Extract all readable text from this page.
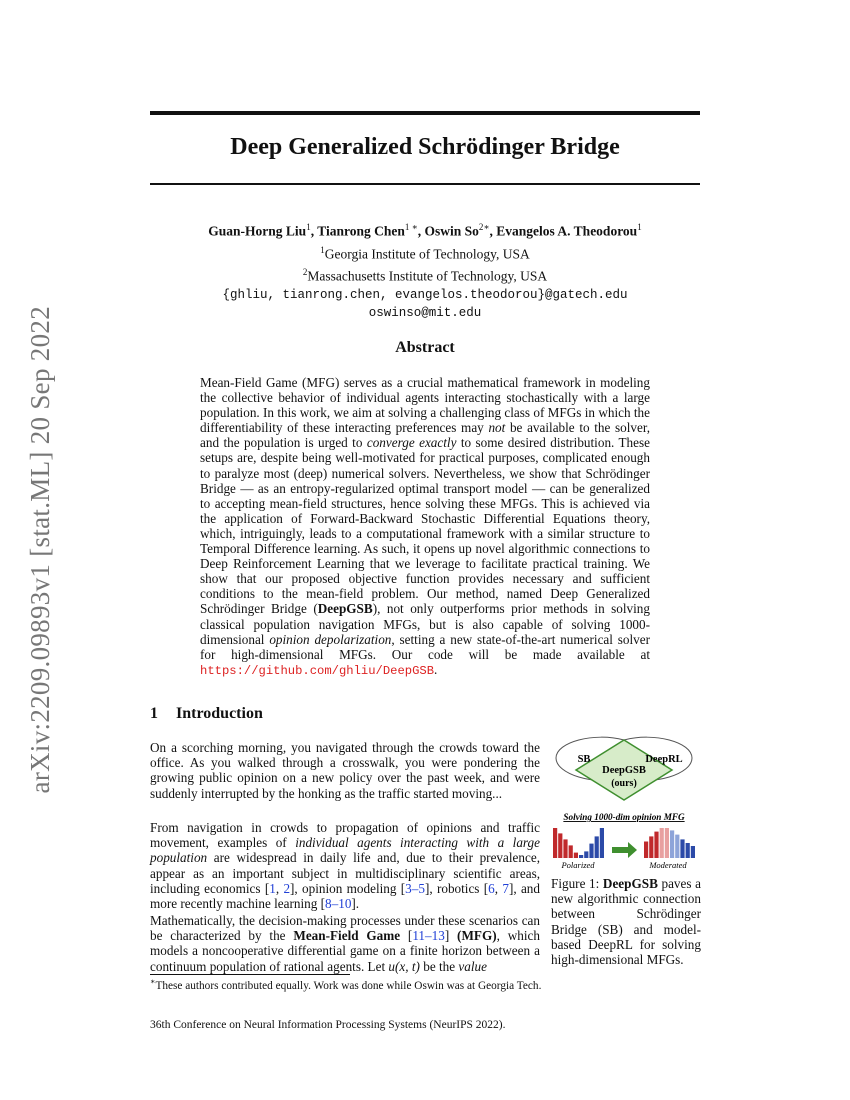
arXiv:2209.09893v1 [stat.ML] 20 Sep 2022
Deep Generalized Schrödinger Bridge
Guan-Horng Liu$^1$, Tianrong Chen$^{1 ∗}$, Oswin $So^{2∗}$, Evangelos A. Theodorou$^1$
$^1$Georgia Institute of Technology, USA
$^2$Massachusetts Institute of Technology, USA
{ghliu, tianrong.chen, evangelos.theodorou}@gatech.edu
oswinso@mit.edu
Abstract
Mean-Field Game (MFG) serves as a crucial mathematical framework in modeling the collective behavior of individual agents interacting stochastically with a large population. In this work, we aim at solving a challenging class of MFGs in which the differentiability of these interacting preferences may not be available to the solver, and the population is urged to converge exactly to some desired distribution. These setups are, despite being well-motivated for practical purposes, complicated enough to paralyze most (deep) numerical solvers. Nevertheless, we show that Schrödinger Bridge — as an entropy-regularized optimal transport model — can be generalized to accepting mean-field structures, hence solving these MFGs. This is achieved via the application of Forward-Backward Stochastic Differential Equations theory, which, intriguingly, leads to a computational framework with a similar structure to Temporal Difference learning. As such, it opens up novel algorithmic connections to Deep Reinforcement Learning that we leverage to facilitate practical training. We show that our proposed objective function provides necessary and sufficient conditions to the mean-field problem. Our method, named Deep Generalized Schrödinger Bridge (DeepGSB), not only outperforms prior methods in solving classical population navigation MFGs, but is also capable of solving 1000-dimensional opinion depolarization, setting a new state-of-the-art numerical solver for high-dimensional MFGs. Our code will be made available at https://github.com/ghliu/DeepGSB.
1 Introduction
On a scorching morning, you navigated through the crowds toward the office. As you walked through a crosswalk, you were pondering the growing public opinion on a new policy over the past week, and were suddenly interrupted by the honking as the traffic started moving...
From navigation in crowds to propagation of opinions and traffic movement, examples of individual agents interacting with a large population are widespread in daily life and, due to their prevalence, appear as an important subject in multidisciplinary scientific areas, including economics [1, 2], opinion modeling [3–5], robotics [6, 7], and more recently machine learning [8–10].
Mathematically, the decision-making processes under these scenarios can be characterized by the Mean-Field Game [11–13] (MFG), which models a noncooperative differential game on a finite horizon between a continuum population of rational agents. Let u(x, t) be the value
SB	DeepRL
DeepGSB
(ours)
Solving 1000-dim opinion MFG
Polarized	Moderated
Figure 1: DeepGSB paves a new algorithmic connection between Schrödinger Bridge (SB) and model-based DeepRL for solving high-dimensional MFGs.
∗These authors contributed equally. Work was done while Oswin was at Georgia Tech.
36th Conference on Neural Information Processing Systems (NeurIPS 2022).
